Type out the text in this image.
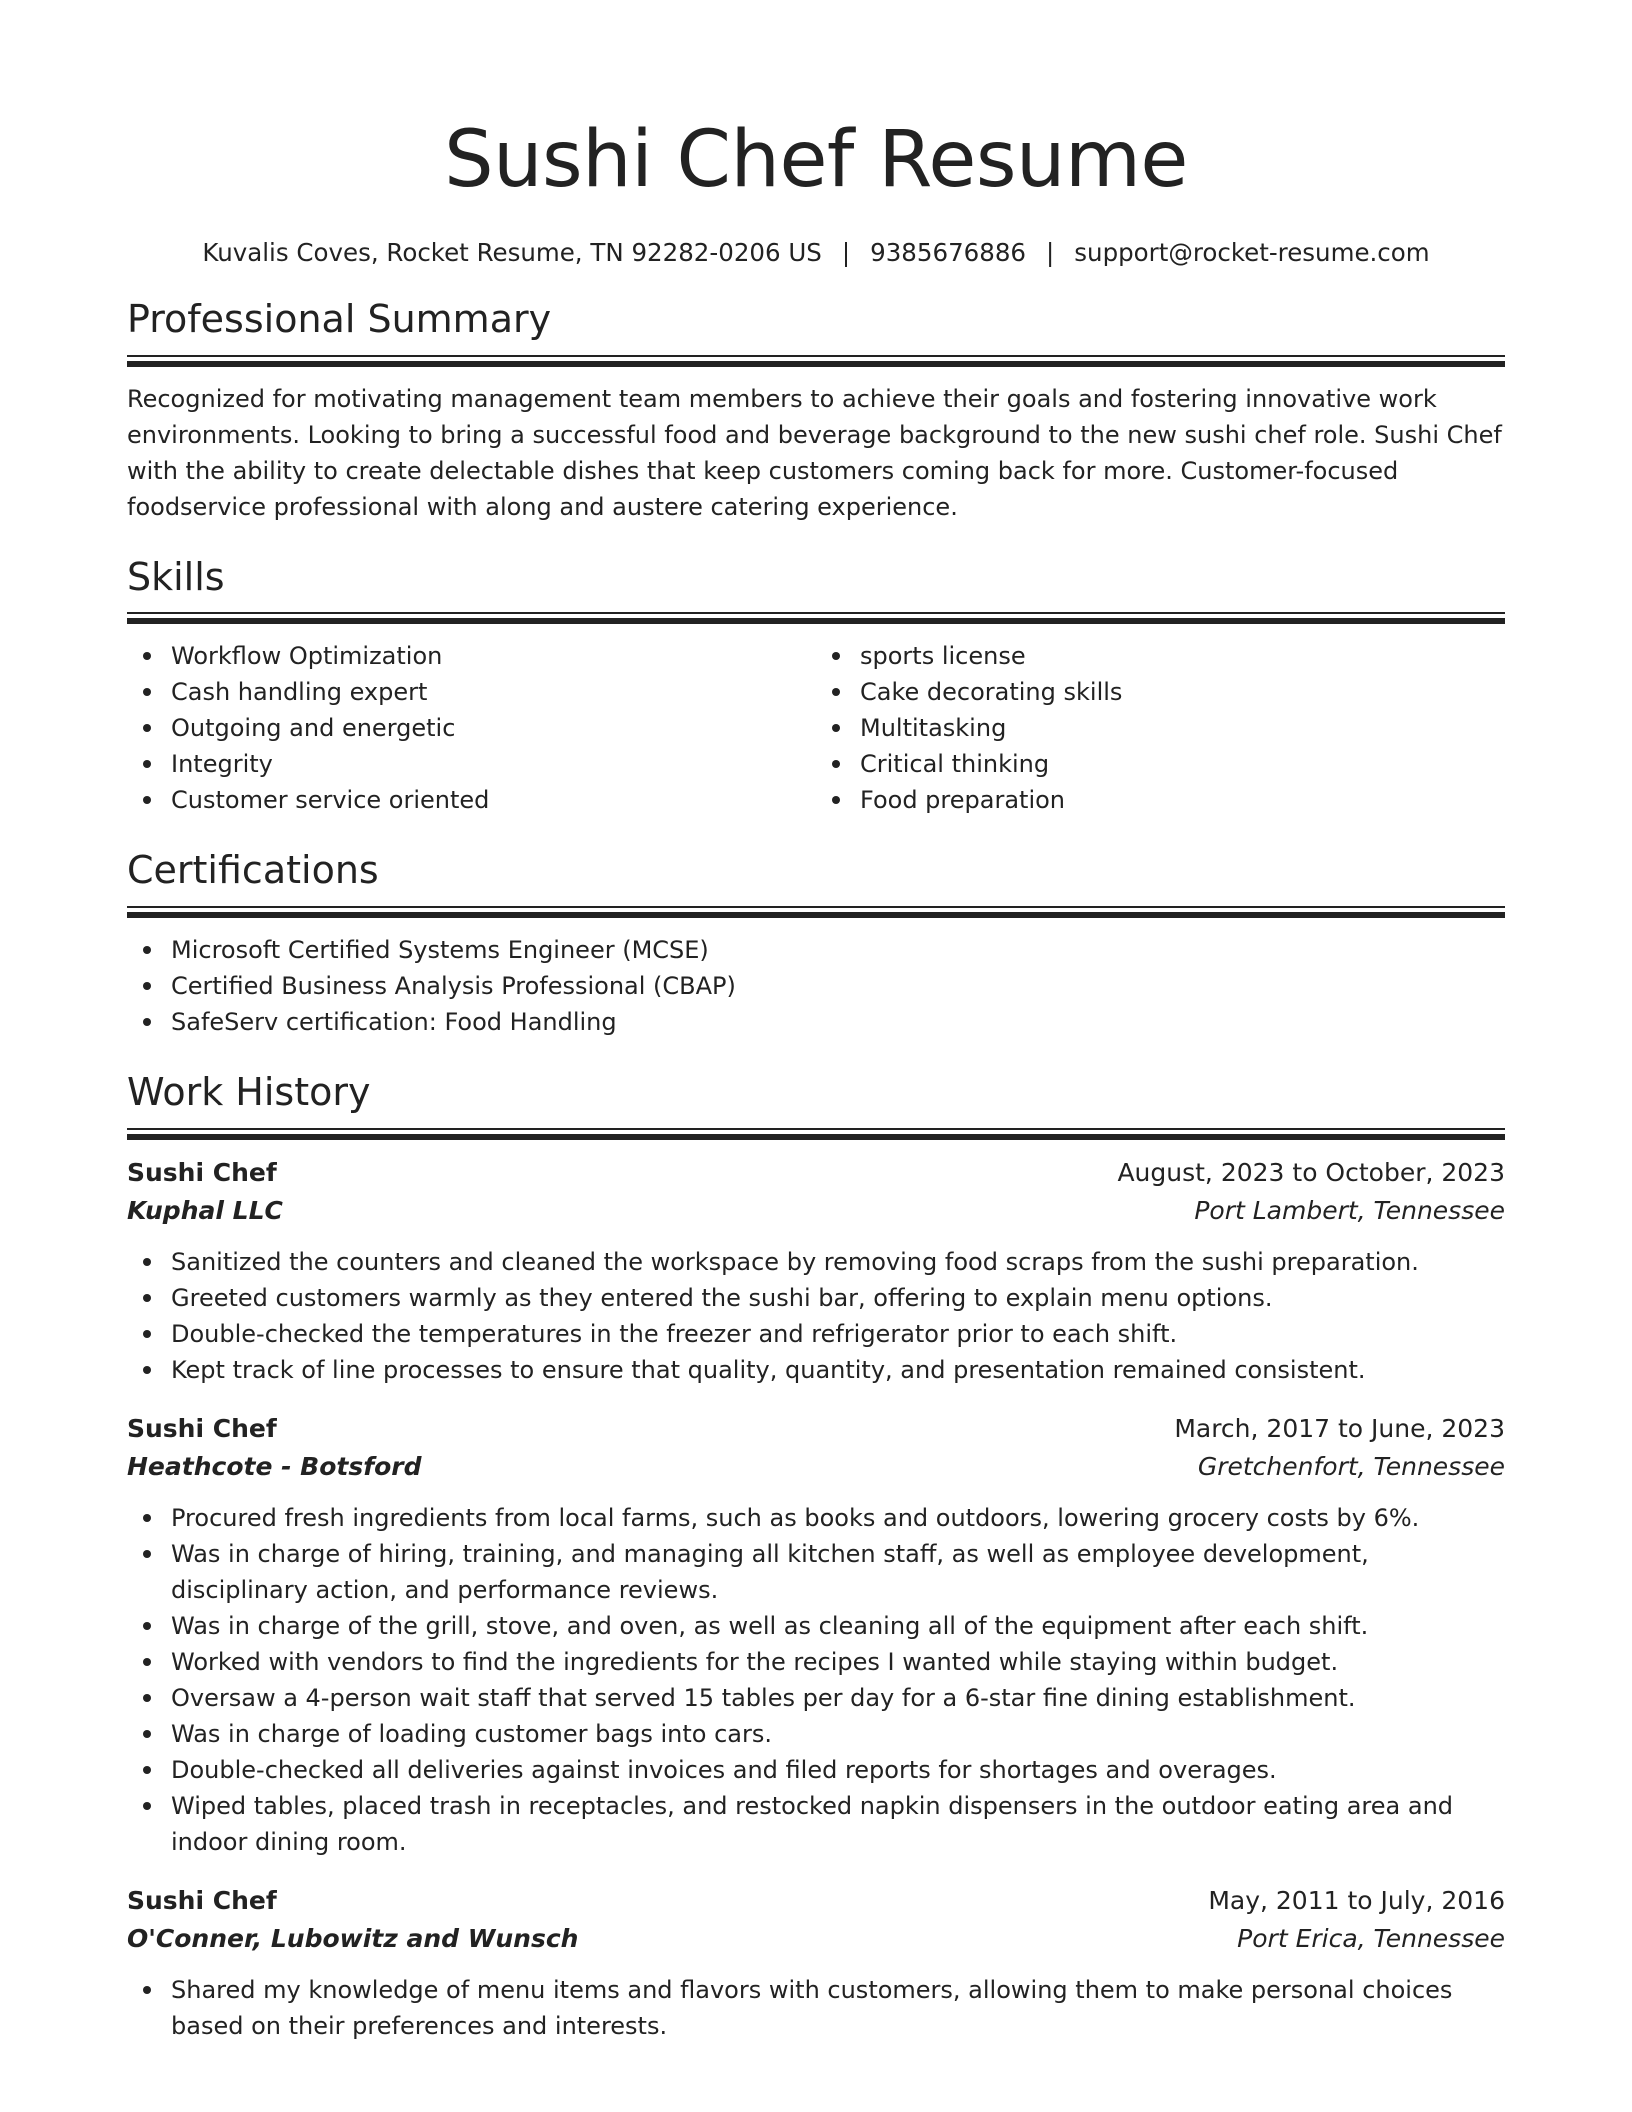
Sushi Chef Resume
Kuvalis Coves, Rocket Resume, TN 92282-0206 US | 9385676886 | support@rocket-resume.com
Professional Summary

Recognized for motivating management team members to achieve their goals and fostering innovative work environments. Looking to bring a successful food and beverage background to the new sushi chef role. Sushi Chef with the ability to create delectable dishes that keep customers coming back for more. Customer-focused foodservice professional with along and austere catering experience.

Skills
Workflow Optimization
Cash handling expert
Outgoing and energetic
Integrity
Customer service oriented
sports license
Cake decorating skills
Multitasking
Critical thinking
Food preparation
Certifications
Microsoft Certified Systems Engineer (MCSE)
Certified Business Analysis Professional (CBAP)
SafeServ certification: Food Handling
Work History
Sushi Chef	August, 2023 to October, 2023
Kuphal LLC	Port Lambert, Tennessee
Sanitized the counters and cleaned the workspace by removing food scraps from the sushi preparation.
Greeted customers warmly as they entered the sushi bar, offering to explain menu options.
Double-checked the temperatures in the freezer and refrigerator prior to each shift.
Kept track of line processes to ensure that quality, quantity, and presentation remained consistent.
Sushi Chef	March, 2017 to June, 2023
Heathcote - Botsford	Gretchenfort, Tennessee
Procured fresh ingredients from local farms, such as books and outdoors, lowering grocery costs by 6%.
Was in charge of hiring, training, and managing all kitchen staff, as well as employee development, disciplinary action, and performance reviews.
Was in charge of the grill, stove, and oven, as well as cleaning all of the equipment after each shift.
Worked with vendors to find the ingredients for the recipes I wanted while staying within budget.
Oversaw a 4-person wait staff that served 15 tables per day for a 6-star fine dining establishment.
Was in charge of loading customer bags into cars.
Double-checked all deliveries against invoices and filed reports for shortages and overages.
Wiped tables, placed trash in receptacles, and restocked napkin dispensers in the outdoor eating area and indoor dining room.
Sushi Chef	May, 2011 to July, 2016
O'Conner, Lubowitz and Wunsch	Port Erica, Tennessee
Shared my knowledge of menu items and flavors with customers, allowing them to make personal choices based on their preferences and interests.
